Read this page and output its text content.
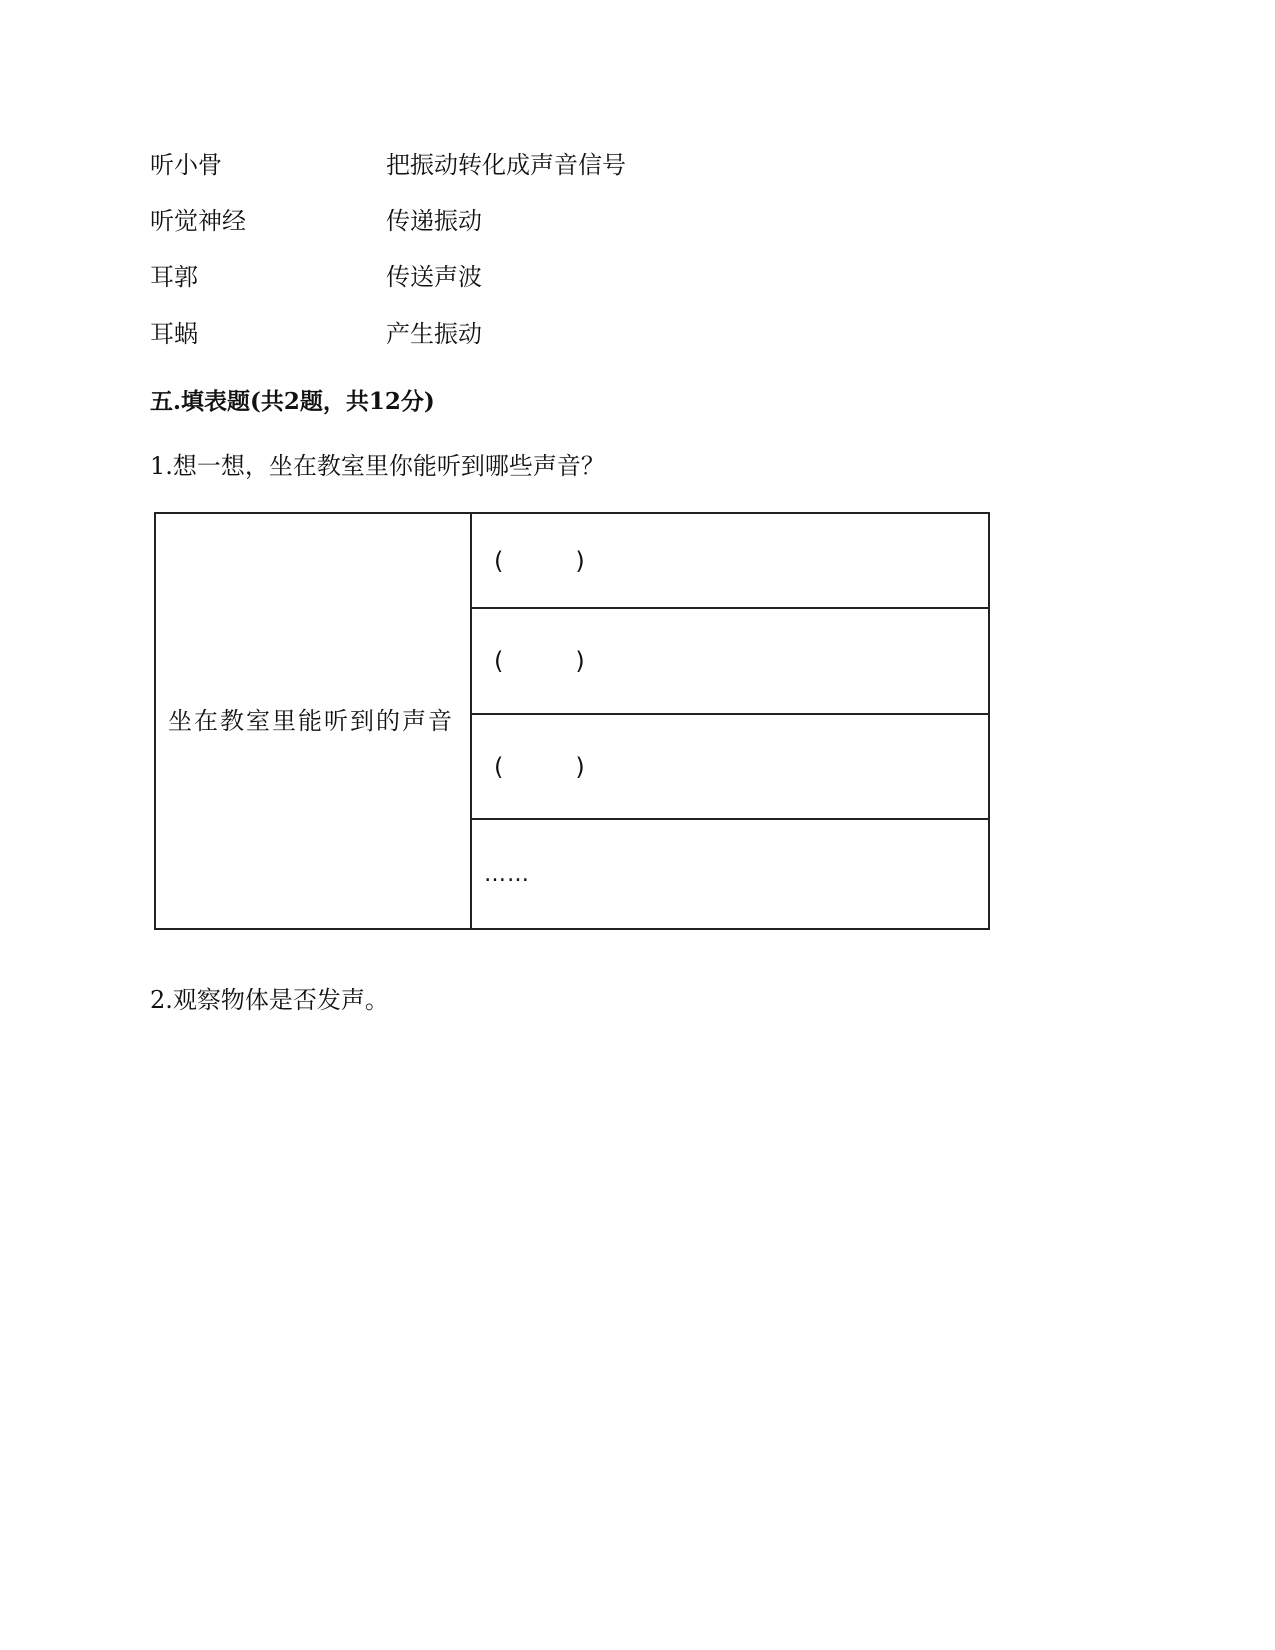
听小骨	把振动转化成声音信号
听觉神经	传递振动
耳郭	传送声波
耳蜗	产生振动
五.填表题(共2题，共12分)
1.想一想，坐在教室里你能听到哪些声音？
坐在教室里能听到的声音	(	)
(	)
(	)
……
2.观察物体是否发声。
